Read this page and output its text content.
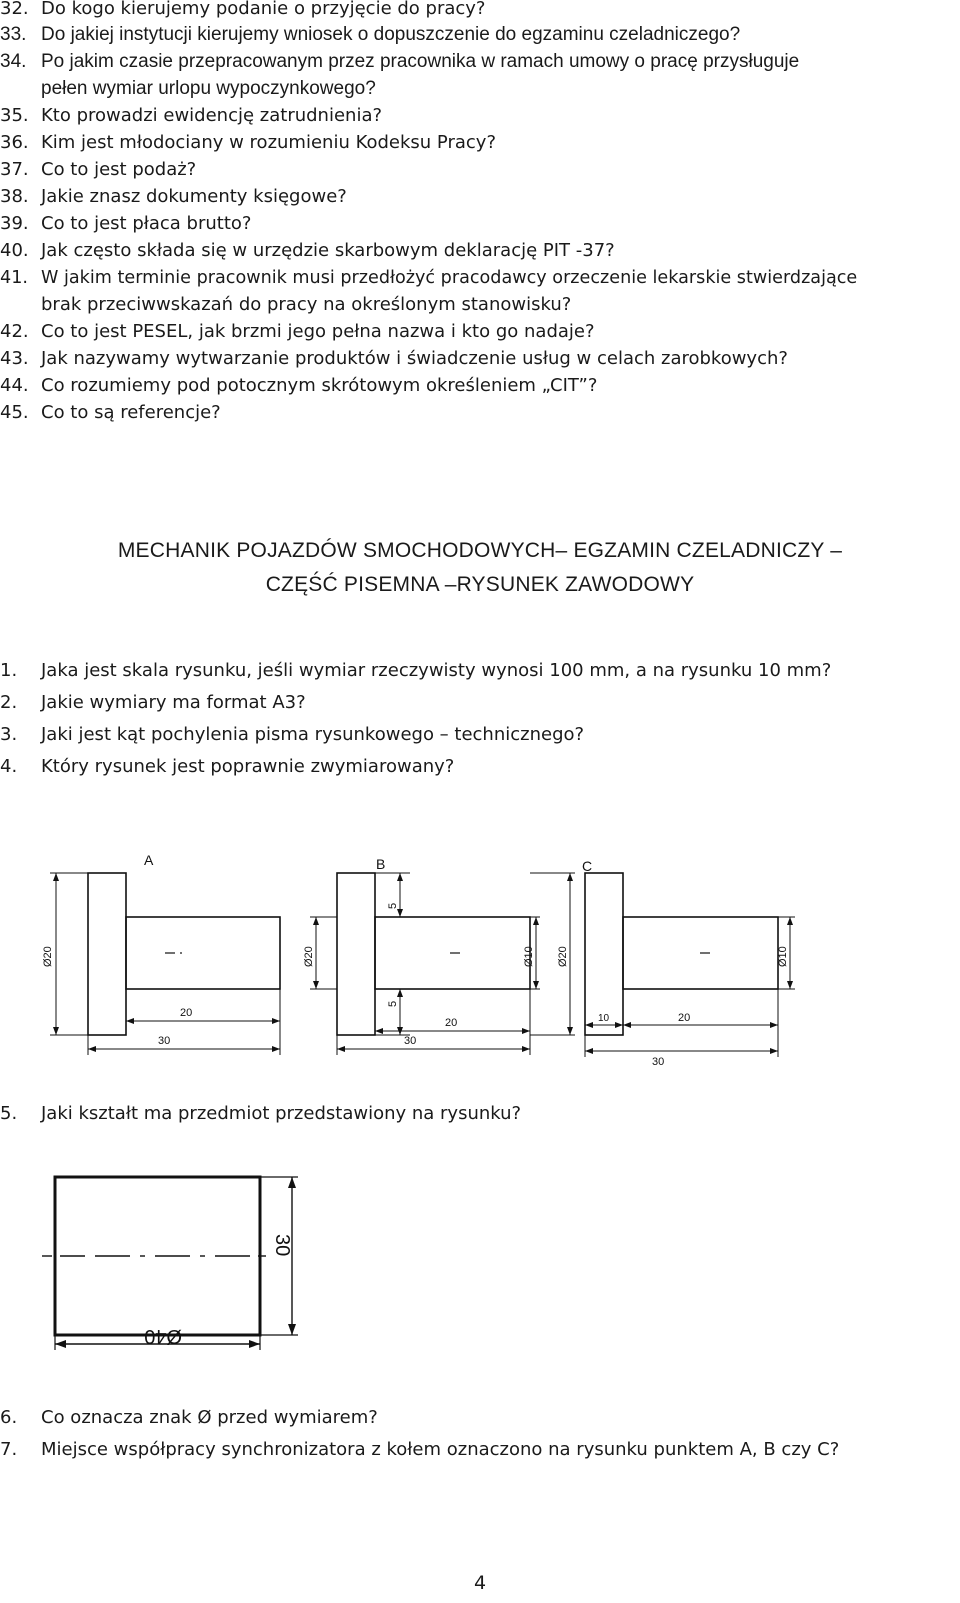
32. Do kogo kierujemy podanie o przyjęcie do pracy?
33. Do jakiej instytucji kierujemy wniosek o dopuszczenie do egzaminu czeladniczego?
34. Po jakim czasie przepracowanym przez pracownika w ramach umowy o pracę przysługuje
pełen wymiar urlopu wypoczynkowego?
35. Kto prowadzi ewidencję zatrudnienia?
36. Kim jest młodociany w rozumieniu Kodeksu Pracy?
37. Co to jest podaż?
38. Jakie znasz dokumenty księgowe?
39. Co to jest płaca brutto?
40. Jak często składa się w urzędzie skarbowym deklarację PIT -37?
41. W jakim terminie pracownik musi przedłożyć pracodawcy orzeczenie lekarskie stwierdzające
brak przeciwwskazań do pracy na określonym stanowisku?
42. Co to jest PESEL, jak brzmi jego pełna nazwa i kto go nadaje?
43. Jak nazywamy wytwarzanie produktów i świadczenie usług w celach zarobkowych?
44. Co rozumiemy pod potocznym skrótowym określeniem „CIT”?
45. Co to są referencje?
MECHANIK POJAZDÓW SMOCHODOWYCH– EGZAMIN CZELADNICZY –
CZĘŚĆ PISEMNA –RYSUNEK ZAWODOWY
1. Jaka jest skala rysunku, jeśli wymiar rzeczywisty wynosi 100 mm, a na rysunku 10 mm?
2. Jakie wymiary ma format A3?
3. Jaki jest kąt pochylenia pisma rysunkowego – technicznego?
4. Który rysunek jest poprawnie zwymiarowany?
A	B	C
Ø20
20
30
5
5
Ø20	Ø10 Ø20
20
30
10	20
30
Ø10
5. Jaki kształt ma przedmiot przedstawiony na rysunku?
30
Ø40
6. Co oznacza znak Ø przed wymiarem?
7. Miejsce współpracy synchronizatora z kołem oznaczono na rysunku punktem A, B czy C?
4
